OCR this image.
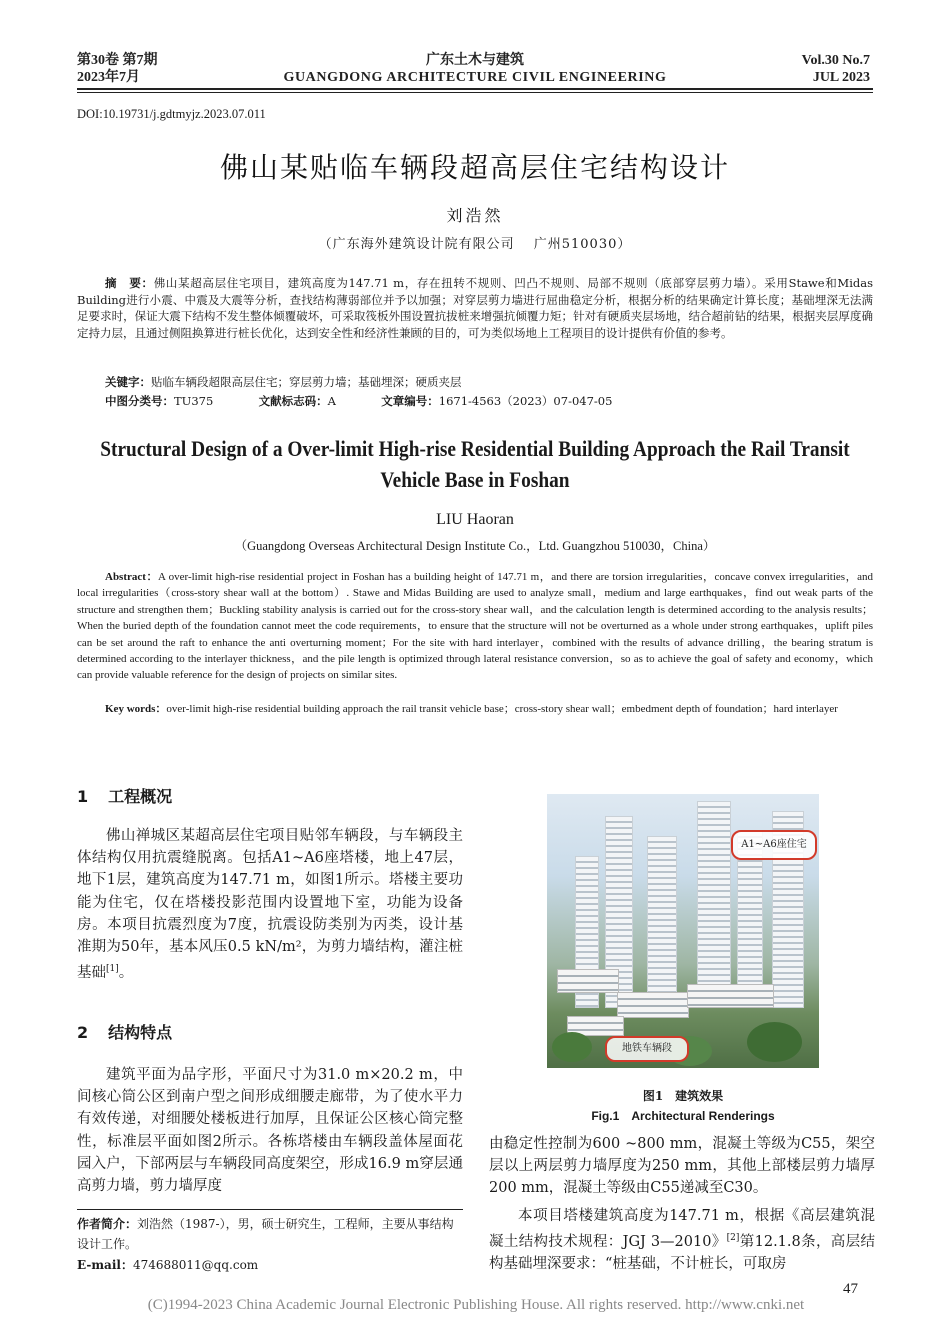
第30卷 第7期
2023年7月
广东土木与建筑
GUANGDONG ARCHITECTURE CIVIL ENGINEERING
Vol.30 No.7
JUL 2023
DOI:10.19731/j.gdtmyjz.2023.07.011
佛山某贴临车辆段超高层住宅结构设计
刘浩然
（广东海外建筑设计院有限公司　 广州510030）
摘　要：佛山某超高层住宅项目，建筑高度为147.71 m，存在扭转不规则、凹凸不规则、局部不规则（底部穿层剪力墙）。采用Stawe和Midas Building进行小震、中震及大震等分析，查找结构薄弱部位并予以加强；对穿层剪力墙进行屈曲稳定分析，根据分析的结果确定计算长度；基础埋深无法满足要求时，保证大震下结构不发生整体倾覆破坏，可采取筏板外围设置抗拔桩来增强抗倾覆力矩；针对有硬质夹层场地，结合超前钻的结果，根据夹层厚度确定持力层，且通过侧阻换算进行桩长优化，达到安全性和经济性兼顾的目的，可为类似场地上工程项目的设计提供有价值的参考。
关键字：贴临车辆段超限高层住宅；穿层剪力墙；基础埋深；硬质夹层
中图分类号：TU375	文献标志码：A	文章编号：1671-4563（2023）07-047-05
Structural Design of a Over-limit High-rise Residential Building Approach the Rail Transit
Vehicle Base in Foshan
LIU Haoran
（Guangdong Overseas Architectural Design Institute Co.，Ltd. Guangzhou 510030，China）
Abstract：A over-limit high-rise residential project in Foshan has a building height of 147.71 m，and there are torsion irregularities，concave convex irregularities，and local irregularities（cross-story shear wall at the bottom）. Stawe and Midas Building are used to analyze small，medium and large earthquakes，find out weak parts of the structure and strengthen them；Buckling stability analysis is carried out for the cross-story shear wall，and the calculation length is determined according to the analysis results；When the buried depth of the foundation cannot meet the code requirements，to ensure that the structure will not be overturned as a whole under strong earthquakes，uplift piles can be set around the raft to enhance the anti overturning moment；For the site with hard interlayer，combined with the results of advance drilling，the bearing stratum is determined according to the interlayer thickness，and the pile length is optimized through lateral resistance conversion，so as to achieve the goal of safety and economy，which can provide valuable reference for the design of projects on similar sites.
Key words：over-limit high-rise residential building approach the rail transit vehicle base；cross-story shear wall；embedment depth of foundation；hard interlayer
1 工程概况
佛山禅城区某超高层住宅项目贴邻车辆段，与车辆段主体结构仅用抗震缝脱离。包括A1~A6座塔楼，地上47层，地下1层，建筑高度为147.71 m，如图1所示。塔楼主要功能为住宅，仅在塔楼投影范围内设置地下室，功能为设备房。本项目抗震烈度为7度，抗震设防类别为丙类，设计基准期为50年，基本风压0.5 kN/m²，为剪力墙结构，灌注桩基础[1]。
2 结构特点
建筑平面为品字形，平面尺寸为31.0 m×20.2 m，中间核心筒公区到南户型之间形成细腰走廊带，为了使水平力有效传递，对细腰处楼板进行加厚，且保证公区核心筒完整性，标准层平面如图2所示。各栋塔楼由车辆段盖体屋面花园入户，下部两层与车辆段同高度架空，形成16.9 m穿层通高剪力墙，剪力墙厚度
作者简介：刘浩然（1987-），男，硕士研究生，工程师，主要从事结构设计工作。
E-mail：474688011@qq.com
A1~A6座住宅
地铁车辆段
图1　建筑效果
Fig.1　Architectural Renderings
由稳定性控制为600 ~800 mm，混凝土等级为C55，架空层以上两层剪力墙厚度为250 mm，其他上部楼层剪力墙厚200 mm，混凝土等级由C55递减至C30。
本项目塔楼建筑高度为147.71 m，根据《高层建筑混凝土结构技术规程：JGJ 3—2010》[2]第12.1.8条，高层结构基础埋深要求：“桩基础，不计桩长，可取房
47
(C)1994-2023 China Academic Journal Electronic Publishing House. All rights reserved. http://www.cnki.net
